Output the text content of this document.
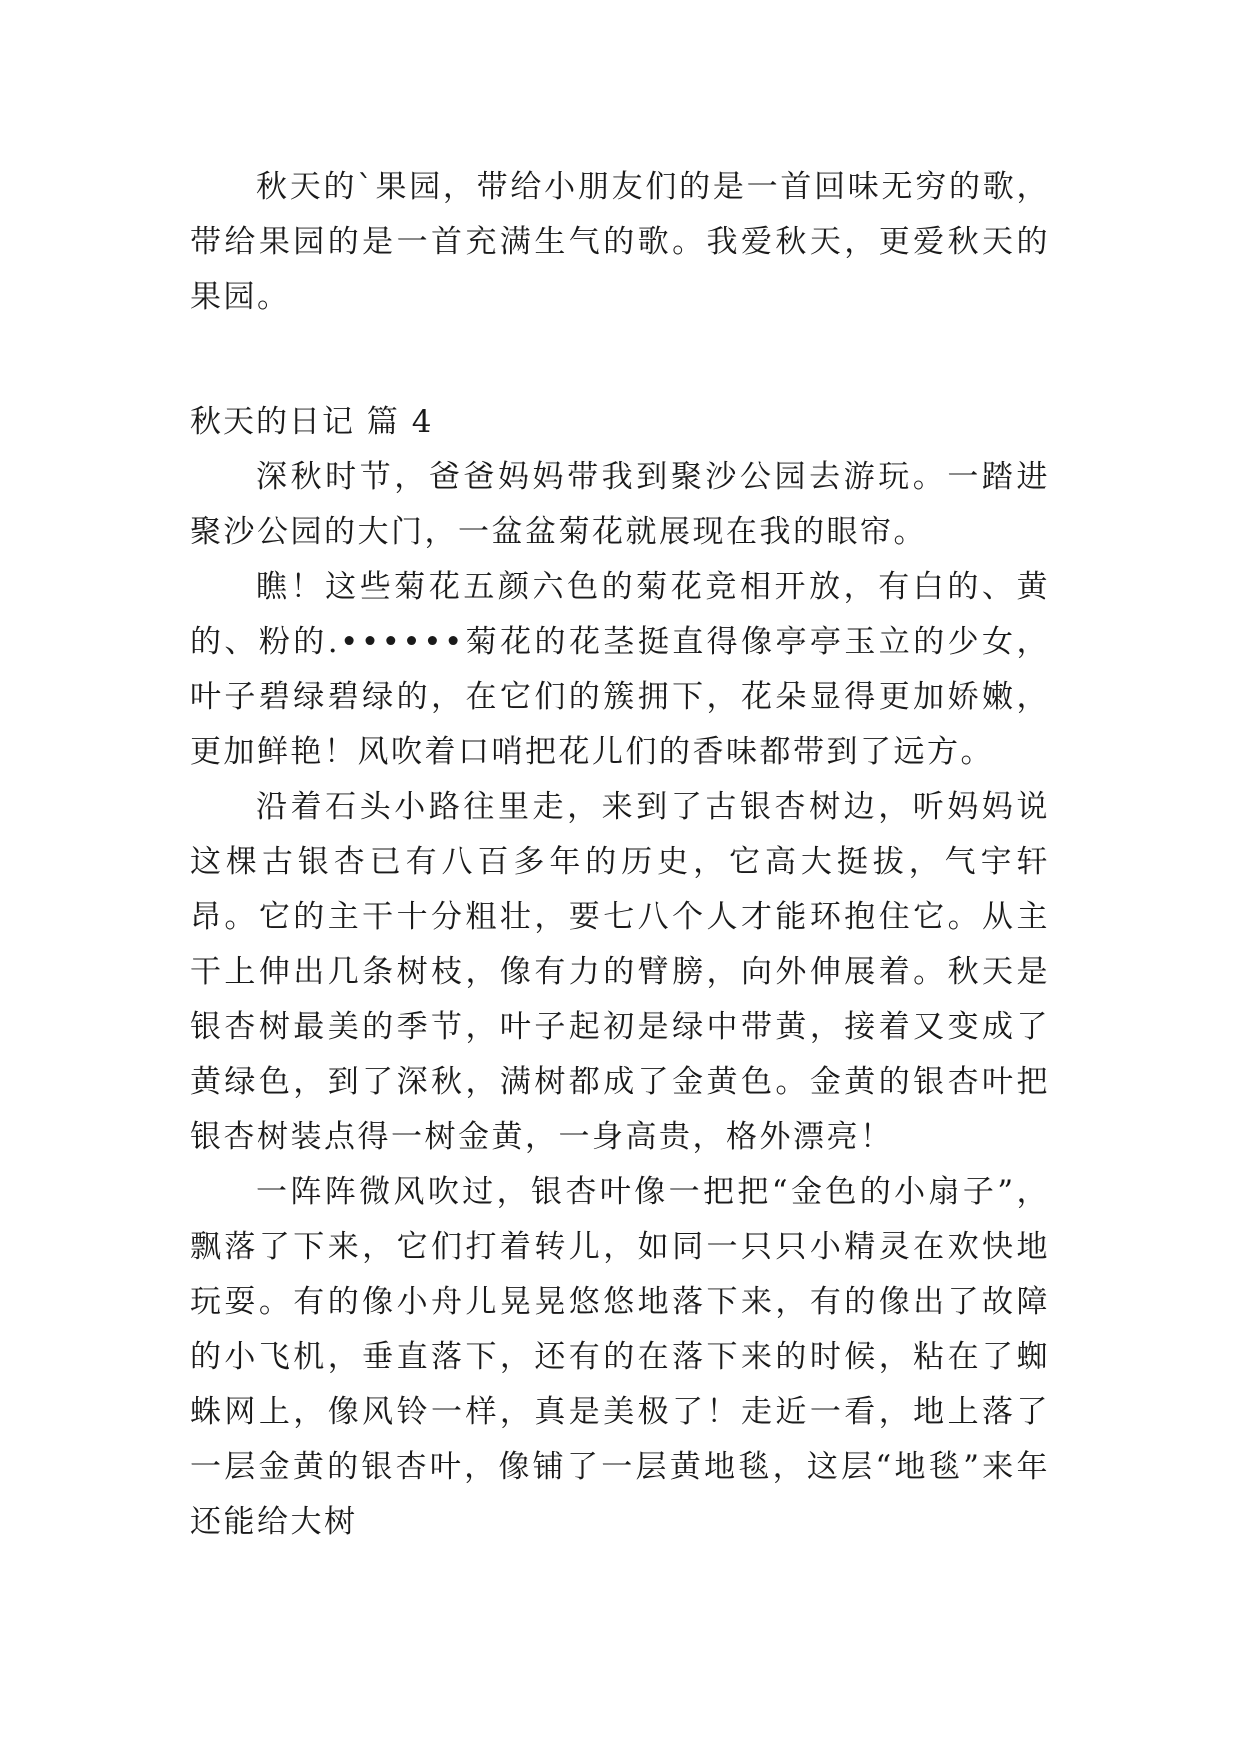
秋天的`果园，带给小朋友们的是一首回味无穷的歌，带给果园的是一首充满生气的歌。我爱秋天，更爱秋天的果园。

秋天的日记 篇 4

深秋时节，爸爸妈妈带我到聚沙公园去游玩。一踏进聚沙公园的大门，一盆盆菊花就展现在我的眼帘。

瞧！这些菊花五颜六色的菊花竞相开放，有白的、黄的、粉的.••••••菊花的花茎挺直得像亭亭玉立的少女，叶子碧绿碧绿的，在它们的簇拥下，花朵显得更加娇嫩，更加鲜艳！风吹着口哨把花儿们的香味都带到了远方。

沿着石头小路往里走，来到了古银杏树边，听妈妈说这棵古银杏已有八百多年的历史，它高大挺拔，气宇轩昂。它的主干十分粗壮，要七八个人才能环抱住它。从主干上伸出几条树枝，像有力的臂膀，向外伸展着。秋天是银杏树最美的季节，叶子起初是绿中带黄，接着又变成了黄绿色，到了深秋，满树都成了金黄色。金黄的银杏叶把银杏树装点得一树金黄，一身高贵，格外漂亮！

一阵阵微风吹过，银杏叶像一把把“金色的小扇子”，飘落了下来，它们打着转儿，如同一只只小精灵在欢快地玩耍。有的像小舟儿晃晃悠悠地落下来，有的像出了故障的小飞机，垂直落下，还有的在落下来的时候，粘在了蜘蛛网上，像风铃一样，真是美极了！走近一看，地上落了一层金黄的银杏叶，像铺了一层黄地毯，这层“地毯”来年还能给大树
